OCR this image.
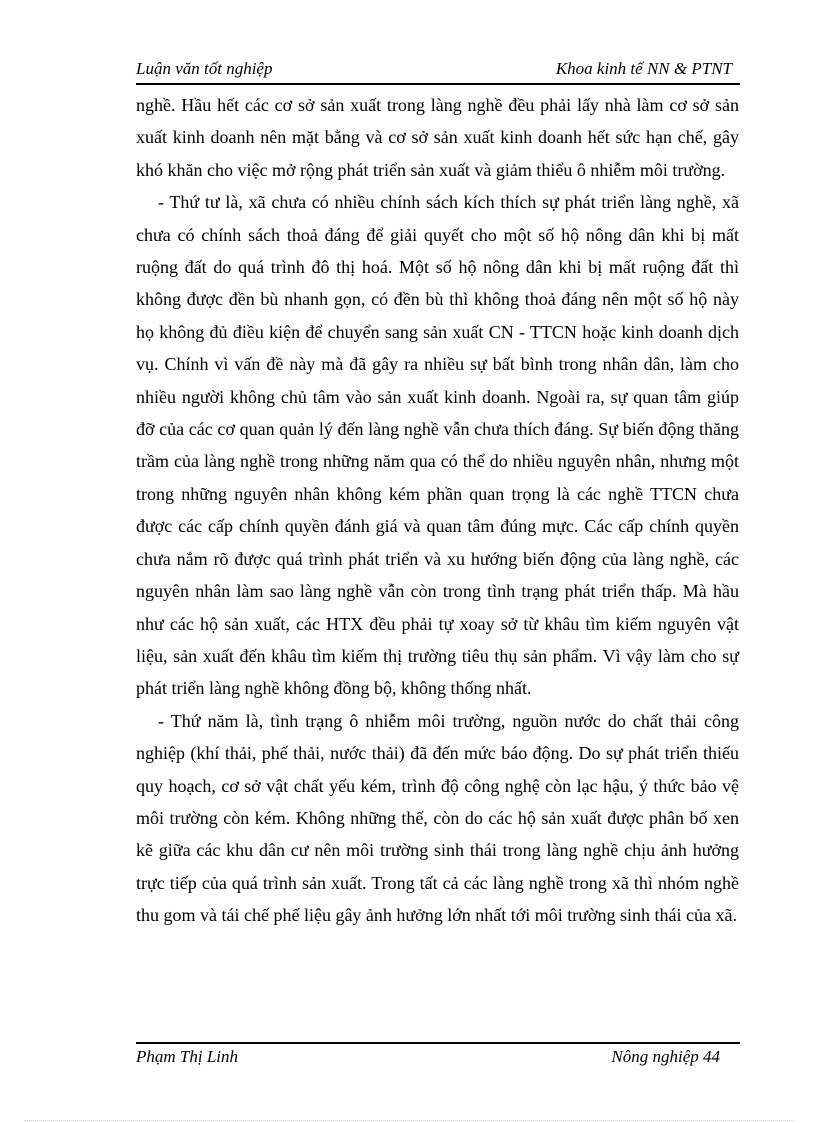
Luận văn tốt nghiệp	Khoa kinh tế NN & PTNT

nghề. Hầu hết các cơ sở sản xuất trong làng nghề đều phải lấy nhà làm cơ sở sản xuất kinh doanh nên mặt bằng và cơ sở sản xuất kinh doanh hết sức hạn chế, gây khó khăn cho việc mở rộng phát triển sản xuất và giảm thiểu ô nhiễm môi trường.

- Thứ tư là, xã chưa có nhiều chính sách kích thích sự phát triển làng nghề, xã chưa có chính sách thoả đáng để giải quyết cho một số hộ nông dân khi bị mất ruộng đất do quá trình đô thị hoá. Một số hộ nông dân khi bị mất ruộng đất thì không được đền bù nhanh gọn, có đền bù thì không thoả đáng nên một số hộ này họ không đủ điều kiện để chuyển sang sản xuất CN - TTCN hoặc kinh doanh dịch vụ. Chính vì vấn đề này mà đã gây ra nhiều sự bất bình trong nhân dân, làm cho nhiều người không chủ tâm vào sản xuất kinh doanh. Ngoài ra, sự quan tâm giúp đỡ của các cơ quan quản lý đến làng nghề vẫn chưa thích đáng. Sự biến động thăng trầm của làng nghề trong những năm qua có thể do nhiều nguyên nhân, nhưng một trong những nguyên nhân không kém phần quan trọng là các nghề TTCN chưa được các cấp chính quyền đánh giá và quan tâm đúng mực. Các cấp chính quyền chưa nắm rõ được quá trình phát triển và xu hướng biến động của làng nghề, các nguyên nhân làm sao làng nghề vẫn còn trong tình trạng phát triển thấp. Mà hầu như các hộ sản xuất, các HTX đều phải tự xoay sở từ khâu tìm kiếm nguyên vật liệu, sản xuất đến khâu tìm kiếm thị trường tiêu thụ sản phẩm. Vì vậy làm cho sự phát triển làng nghề không đồng bộ, không thống nhất.

- Thứ năm là, tình trạng ô nhiễm môi trường, nguồn nước do chất thải công nghiệp (khí thải, phế thải, nước thải) đã đến mức báo động. Do sự phát triển thiếu quy hoạch, cơ sở vật chất yếu kém, trình độ công nghệ còn lạc hậu, ý thức bảo vệ môi trường còn kém. Không những thế, còn do các hộ sản xuất được phân bố xen kẽ giữa các khu dân cư nên môi trường sinh thái trong làng nghề chịu ảnh hưởng trực tiếp của quá trình sản xuất. Trong tất cả các làng nghề trong xã thì nhóm nghề thu gom và tái chế phế liệu gây ảnh hưởng lớn nhất tới môi trường sinh thái của xã.

Phạm Thị Linh	Nông nghiệp 44
